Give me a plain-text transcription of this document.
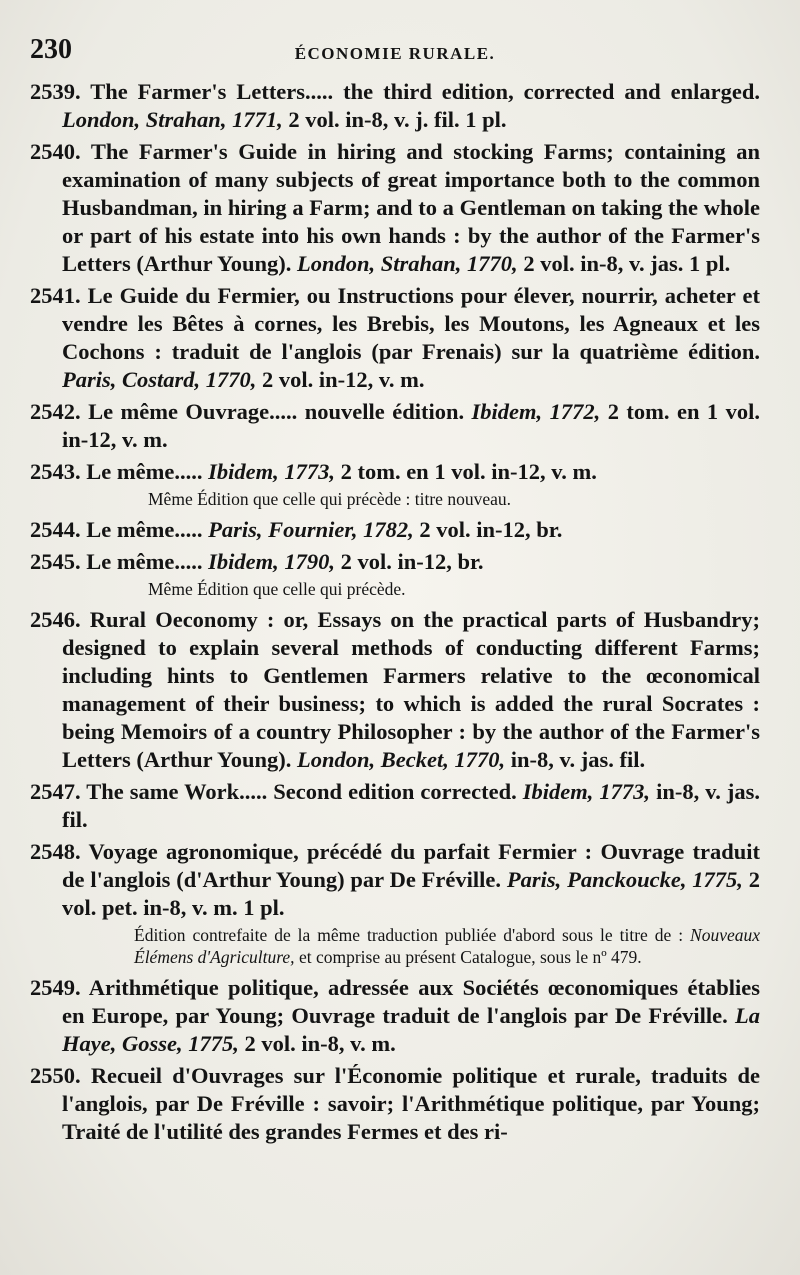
230	ÉCONOMIE RURALE.
2539. The Farmer's Letters..... the third edition, corrected and enlarged. London, Strahan, 1771, 2 vol. in-8, v. j. fil. 1 pl.
2540. The Farmer's Guide in hiring and stocking Farms; containing an examination of many subjects of great importance both to the common Husbandman, in hiring a Farm; and to a Gentleman on taking the whole or part of his estate into his own hands : by the author of the Farmer's Letters (Arthur Young). London, Strahan, 1770, 2 vol. in-8, v. jas. 1 pl.
2541. Le Guide du Fermier, ou Instructions pour élever, nourrir, acheter et vendre les Bêtes à cornes, les Brebis, les Moutons, les Agneaux et les Cochons : traduit de l'anglois (par Frenais) sur la quatrième édition. Paris, Costard, 1770, 2 vol. in-12, v. m.
2542. Le même Ouvrage..... nouvelle édition. Ibidem, 1772, 2 tom. en 1 vol. in-12, v. m.
2543. Le même..... Ibidem, 1773, 2 tom. en 1 vol. in-12, v. m.
Même Édition que celle qui précède : titre nouveau.
2544. Le même..... Paris, Fournier, 1782, 2 vol. in-12, br.
2545. Le même..... Ibidem, 1790, 2 vol. in-12, br.
Même Édition que celle qui précède.
2546. Rural Oeconomy : or, Essays on the practical parts of Husbandry; designed to explain several methods of conducting different Farms; including hints to Gentlemen Farmers relative to the œconomical management of their business; to which is added the rural Socrates : being Memoirs of a country Philosopher : by the author of the Farmer's Letters (Arthur Young). London, Becket, 1770, in-8, v. jas. fil.
2547. The same Work..... Second edition corrected. Ibidem, 1773, in-8, v. jas. fil.
2548. Voyage agronomique, précédé du parfait Fermier : Ouvrage traduit de l'anglois (d'Arthur Young) par De Fréville. Paris, Panckoucke, 1775, 2 vol. pet. in-8, v. m. 1 pl.
Édition contrefaite de la même traduction publiée d'abord sous le titre de : Nouveaux Élémens d'Agriculture, et comprise au présent Catalogue, sous le nº 479.
2549. Arithmétique politique, adressée aux Sociétés œconomiques établies en Europe, par Young; Ouvrage traduit de l'anglois par De Fréville. La Haye, Gosse, 1775, 2 vol. in-8, v. m.
2550. Recueil d'Ouvrages sur l'Économie politique et rurale, traduits de l'anglois, par De Fréville : savoir; l'Arithmétique politique, par Young; Traité de l'utilité des grandes Fermes et des ri-
